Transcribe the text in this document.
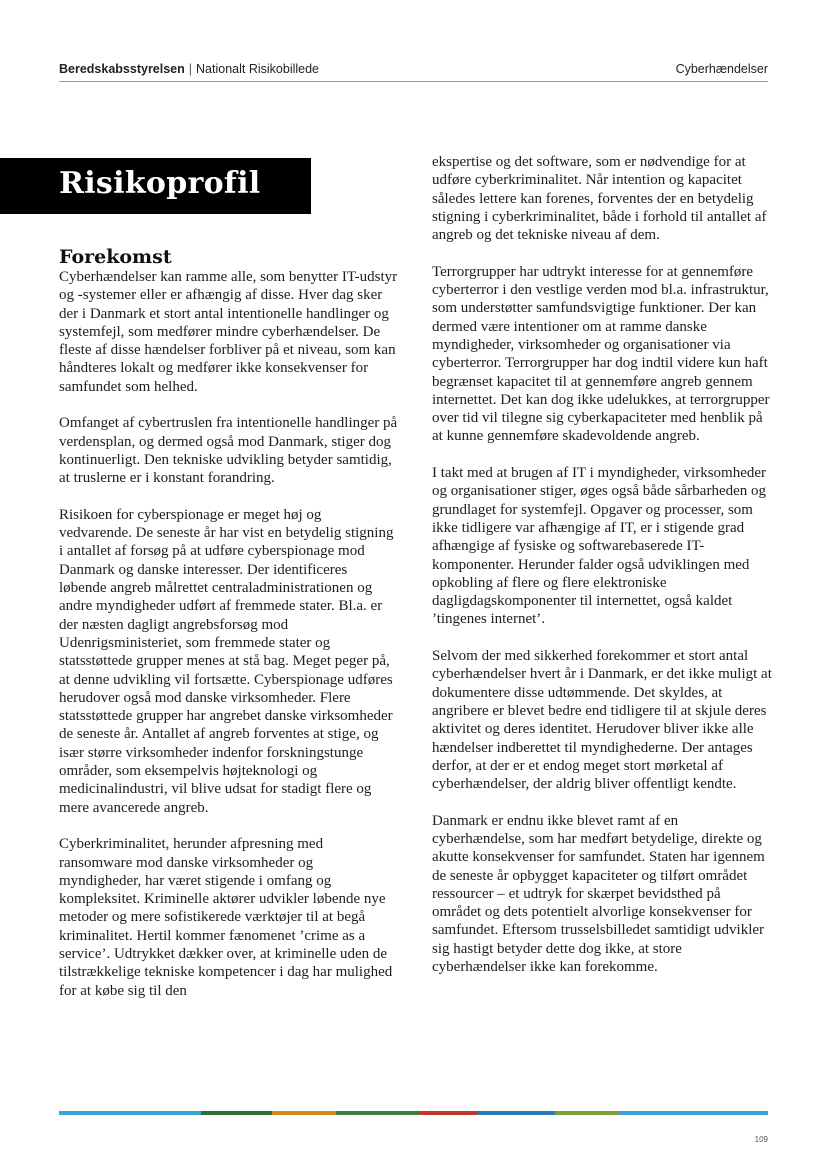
Beredskabsstyrelsen | Nationalt Risikobillede	Cyberhændelser
Risikoprofil
Forekomst

Cyberhændelser kan ramme alle, som benytter IT-udstyr og -systemer eller er afhængig af disse. Hver dag sker der i Danmark et stort antal intentionelle handlinger og systemfejl, som medfører mindre cyberhændelser. De fleste af disse hændelser forbliver på et niveau, som kan håndteres lokalt og medfører ikke konsekvenser for samfundet som helhed.

Omfanget af cybertruslen fra intentionelle handlinger på verdensplan, og dermed også mod Danmark, stiger dog kontinuerligt. Den tekniske udvikling betyder samtidig, at truslerne er i konstant forandring.

Risikoen for cyberspionage er meget høj og vedvarende. De seneste år har vist en betydelig stigning i antallet af forsøg på at udføre cyberspionage mod Danmark og danske interesser. Der identificeres løbende angreb målrettet centraladministrationen og andre myndigheder udført af fremmede stater. Bl.a. er der næsten dagligt angrebsforsøg mod Udenrigsministeriet, som fremmede stater og statsstøttede grupper menes at stå bag. Meget peger på, at denne udvikling vil fortsætte. Cyberspionage udføres herudover også mod danske virksomheder. Flere statsstøttede grupper har angrebet danske virksomheder de seneste år. Antallet af angreb forventes at stige, og især større virksomheder indenfor forskningstunge områder, som eksempelvis højteknologi og medicinalindustri, vil blive udsat for stadigt flere og mere avancerede angreb.

Cyberkriminalitet, herunder afpresning med ransomware mod danske virksomheder og myndigheder, har været stigende i omfang og kompleksitet. Kriminelle aktører udvikler løbende nye metoder og mere sofistikerede værktøjer til at begå kriminalitet. Hertil kommer fænomenet ’crime as a service’. Udtrykket dækker over, at kriminelle uden de tilstrækkelige tekniske kompetencer i dag har mulighed for at købe sig til den

ekspertise og det software, som er nødvendige for at udføre cyberkriminalitet. Når intention og kapacitet således lettere kan forenes, forventes der en betydelig stigning i cyberkriminalitet, både i forhold til antallet af angreb og det tekniske niveau af dem.

Terrorgrupper har udtrykt interesse for at gennemføre cyberterror i den vestlige verden mod bl.a. infrastruktur, som understøtter samfundsvigtige funktioner. Der kan dermed være intentioner om at ramme danske myndigheder, virksomheder og organisationer via cyberterror. Terrorgrupper har dog indtil videre kun haft begrænset kapacitet til at gennemføre angreb gennem internettet. Det kan dog ikke udelukkes, at terrorgrupper over tid vil tilegne sig cyberkapaciteter med henblik på at kunne gennemføre skadevoldende angreb.

I takt med at brugen af IT i myndigheder, virksomheder og organisationer stiger, øges også både sårbarheden og grundlaget for systemfejl. Opgaver og processer, som ikke tidligere var afhængige af IT, er i stigende grad afhængige af fysiske og softwarebaserede IT-komponenter. Herunder falder også udviklingen med opkobling af flere og flere elektroniske dagligdagskomponenter til internettet, også kaldet ’tingenes internet’.

Selvom der med sikkerhed forekommer et stort antal cyberhændelser hvert år i Danmark, er det ikke muligt at dokumentere disse udtømmende. Det skyldes, at angribere er blevet bedre end tidligere til at skjule deres aktivitet og deres identitet. Herudover bliver ikke alle hændelser indberettet til myndighederne. Der antages derfor, at der er et endog meget stort mørketal af cyberhændelser, der aldrig bliver offentligt kendte.

Danmark er endnu ikke blevet ramt af en cyberhændelse, som har medført betydelige, direkte og akutte konsekvenser for samfundet. Staten har igennem de seneste år opbygget kapaciteter og tilført området ressourcer – et udtryk for skærpet bevidsthed på området og dets potentielt alvorlige konsekvenser for samfundet. Eftersom trusselsbilledet samtidigt udvikler sig hastigt betyder dette dog ikke, at store cyberhændelser ikke kan forekomme.

109
